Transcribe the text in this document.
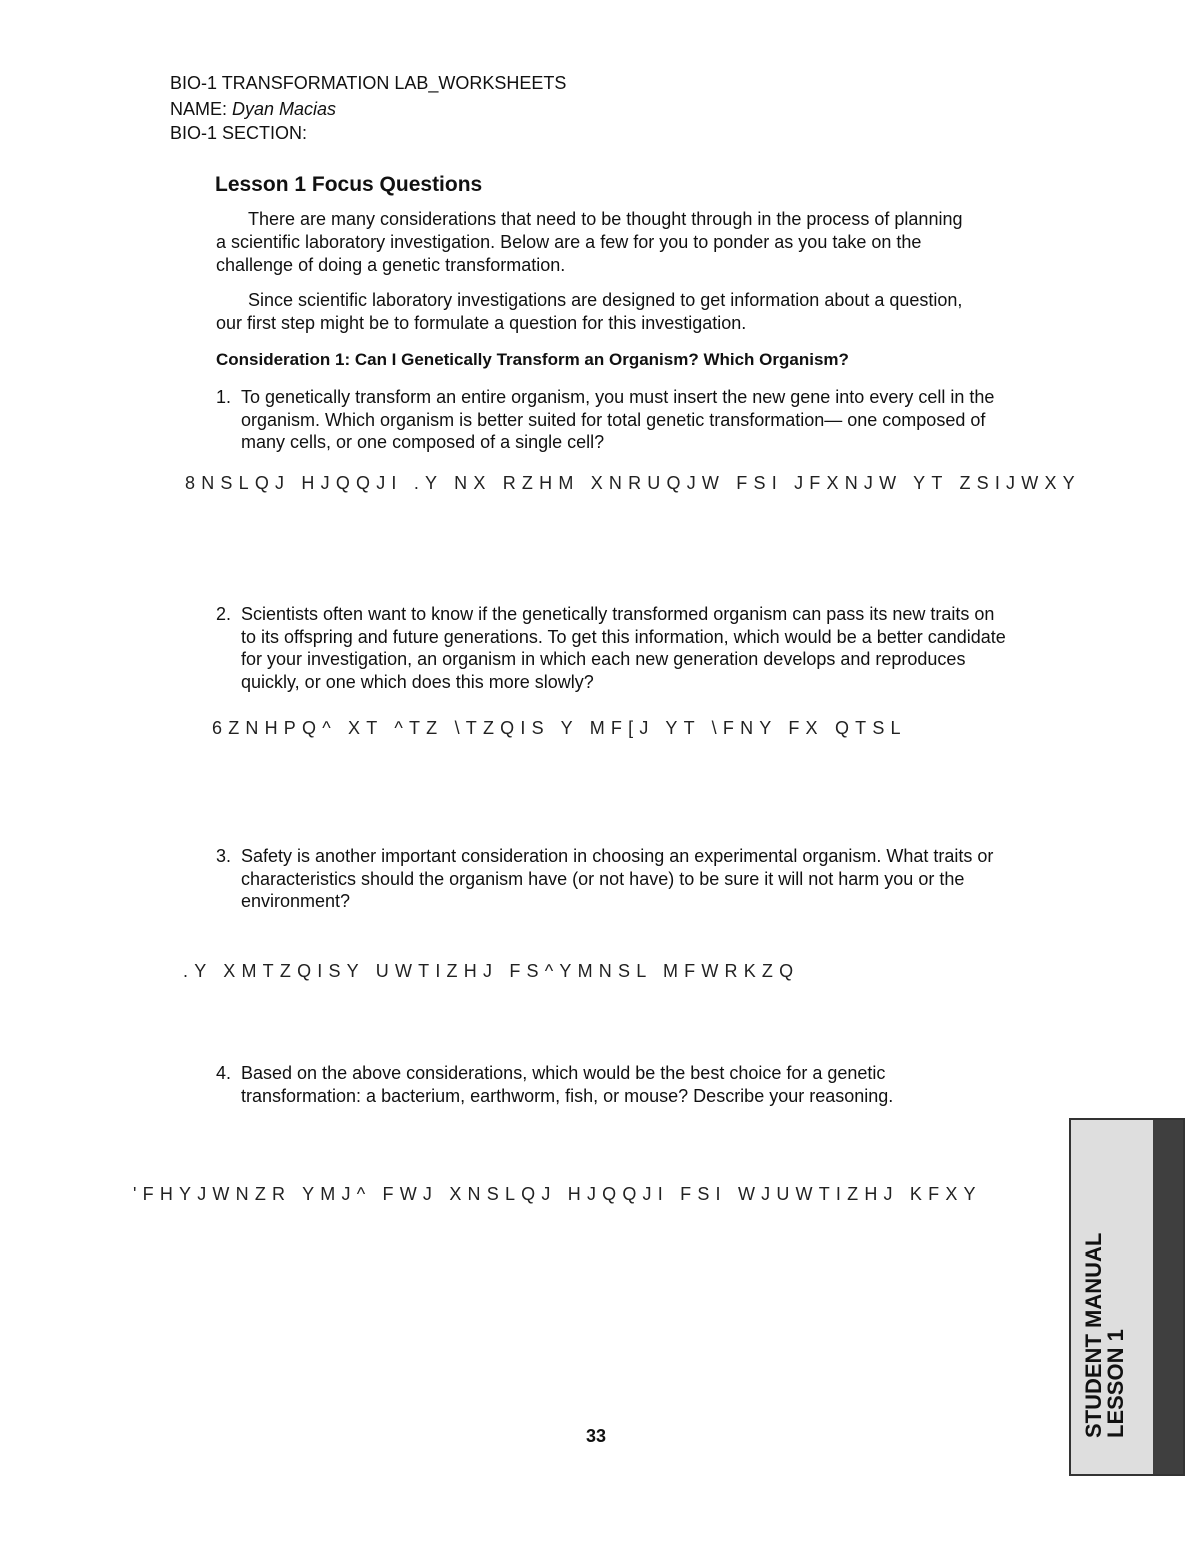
BIO-1 TRANSFORMATION LAB_WORKSHEETS
NAME: Dyan Macias
BIO-1 SECTION:
Lesson 1 Focus Questions

There are many considerations that need to be thought through in the process of planning a scientific laboratory investigation. Below are a few for you to ponder as you take on the challenge of doing a genetic transformation.

Since scientific laboratory investigations are designed to get information about a question, our first step might be to formulate a question for this investigation.

Consideration 1: Can I Genetically Transform an Organism? Which Organism?
1. To genetically transform an entire organism, you must insert the new gene into every cell in the organism. Which organism is better suited for total genetic transformation— one composed of many cells, or one composed of a single cell?
8NSLQJ HJQQJI .Y NX RZHM XNRUQJW FSI JFXNJW YT ZSIJWXY
2. Scientists often want to know if the genetically transformed organism can pass its new traits on to its offspring and future generations. To get this information, which would be a better candidate for your investigation, an organism in which each new generation develops and reproduces quickly, or one which does this more slowly?
6ZNHPQ^ XT ^TZ \TZQIS Y MF[J YT \FNY FX QTSL
3. Safety is another important consideration in choosing an experimental organism. What traits or characteristics should the organism have (or not have) to be sure it will not harm you or the environment?
.Y XMTZQISY UWTIZHJ FS^YMNSL MFWRKZQ
4. Based on the above considerations, which would be the best choice for a genetic transformation: a bacterium, earthworm, fish, or mouse? Describe your reasoning.
STUDENT MANUAL
LESSON 1
'FHYJWNZR YMJ^ FWJ XNSLQJ HJQQJI FSI WJUWTIZHJ KFXY
33
